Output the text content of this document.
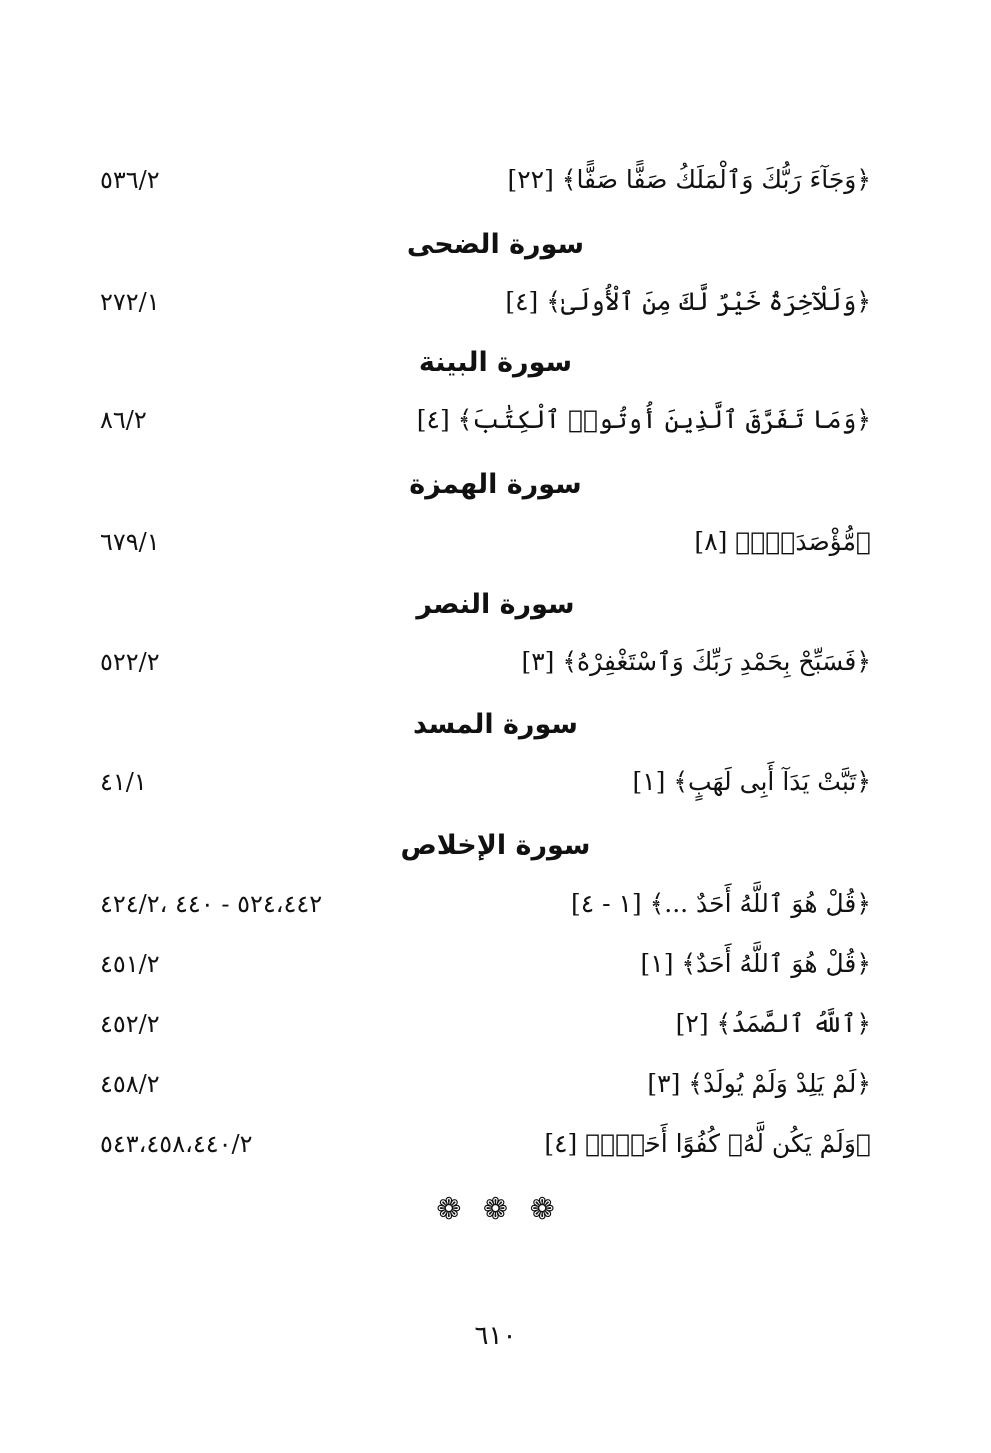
﴿وَجَآءَ رَبُّكَ وَٱلْمَلَكُ صَفًّا صَفًّا﴾ [٢٢]
٥٣٦/٢
سورة الضحى
﴿وَلَلْآخِرَةُ خَيْرٌ لَّكَ مِنَ ٱلْأُولَىٰ﴾ [٤]
٢٧٢/١
سورة البينة
﴿وَمَا تَفَرَّقَ ٱلَّذِينَ أُوتُوا۟ ٱلْكِتَٰبَ﴾ [٤]
٨٦/٢
سورة الهمزة
﴿مُّؤْصَدَةٌۢ﴾ [٨]
٦٧٩/١
سورة النصر
﴿فَسَبِّحْ بِحَمْدِ رَبِّكَ وَٱسْتَغْفِرْهُ﴾ [٣]
٥٢٢/٢
سورة المسد
﴿تَبَّتْ يَدَآ أَبِى لَهَبٍ﴾ [١]
٤١/١
سورة الإخلاص
﴿قُلْ هُوَ ٱللَّهُ أَحَدٌ ...﴾ [١ - ٤]
٥٢٤،٤٤٢ - ٤٤٠ ،٤٢٤/٢
﴿قُلْ هُوَ ٱللَّهُ أَحَدٌ﴾ [١]
٤٥١/٢
﴿ٱللَّهُ ٱلصَّمَدُ﴾ [٢]
٤٥٢/٢
﴿لَمْ يَلِدْ وَلَمْ يُولَدْ﴾ [٣]
٤٥٨/٢
﴿وَلَمْ يَكُن لَّهُۥ كُفُوًا أَحَدٌۢ﴾ [٤]
٥٤٣،٤٥٨،٤٤٠/٢
❁ ❁ ❁
٦١٠
